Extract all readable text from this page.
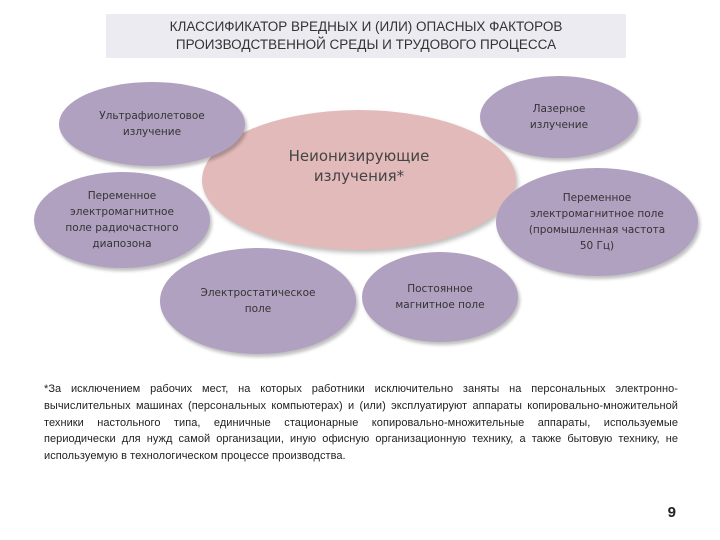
КЛАССИФИКАТОР ВРЕДНЫХ И (ИЛИ) ОПАСНЫХ ФАКТОРОВ
ПРОИЗВОДСТВЕННОЙ СРЕДЫ И ТРУДОВОГО ПРОЦЕССА
Неионизирующие
излучения*
Ультрафиолетовое
излучение
Лазерное
излучение
Переменное
электромагнитное
поле радиочастного
диапозона
Переменное
электромагнитное поле
(промышленная частота
50 Гц)
Электростатическое
поле
Постоянное
магнитное поле
*За исключением рабочих мест, на которых работники исключительно заняты на персональных электронно-вычислительных машинах (персональных компьютерах) и (или) эксплуатируют аппараты копировально-множительной техники настольного типа, единичные стационарные копировально-множительные аппараты, используемые периодически для нужд самой организации, иную офисную организационную технику, а также бытовую технику, не используемую в технологическом процессе производства.
9
